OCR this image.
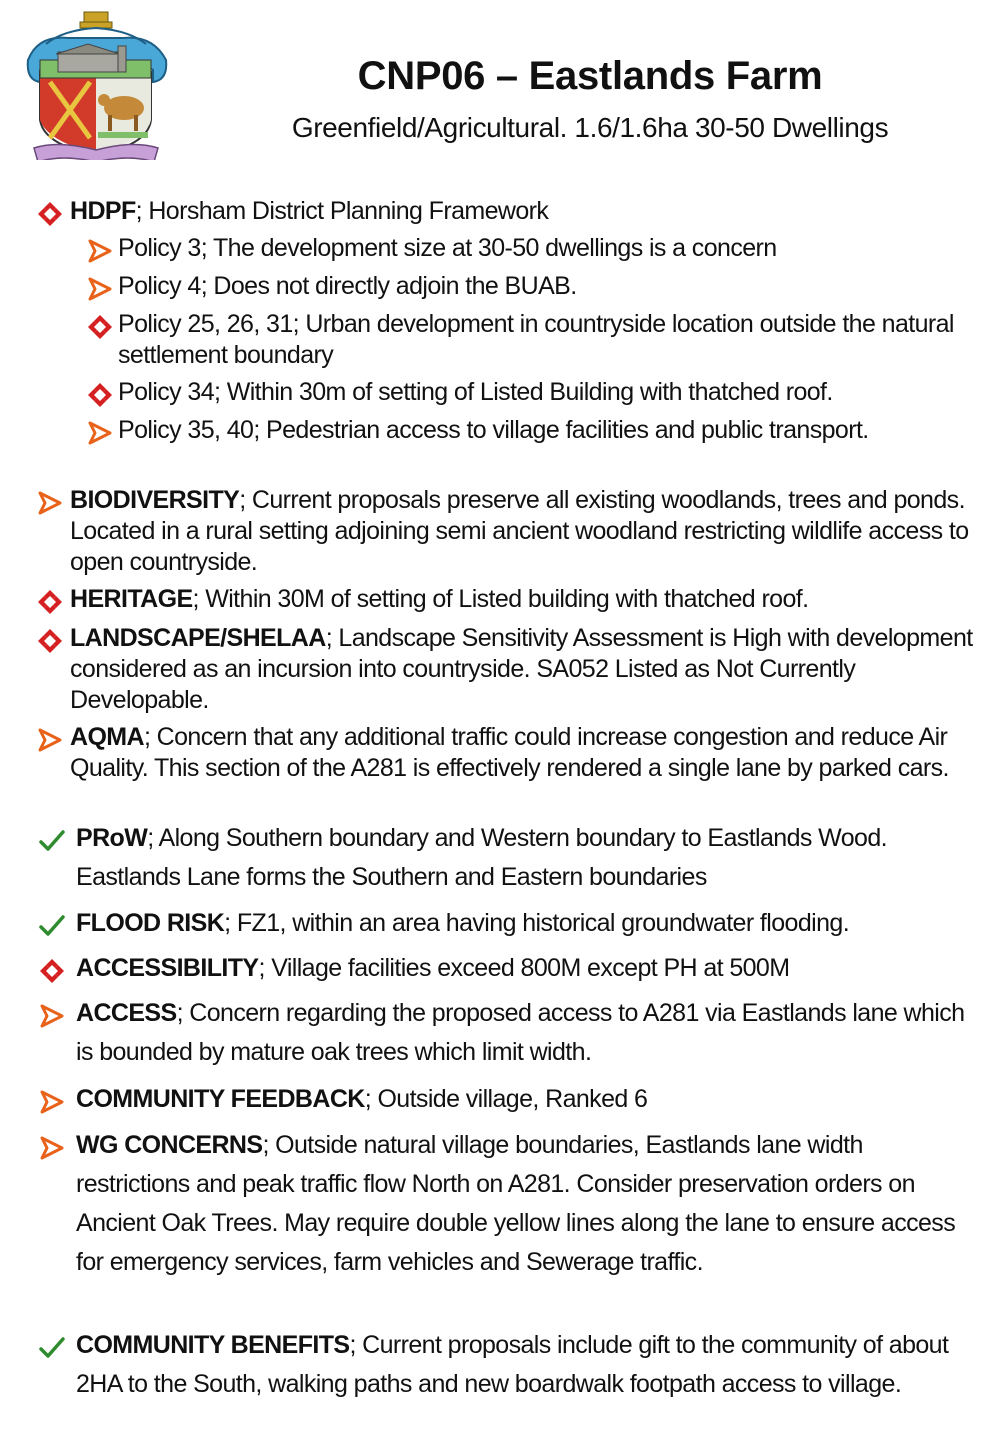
CNP06 – Eastlands Farm
Greenfield/Agricultural. 1.6/1.6ha 30-50 Dwellings
HDPF; Horsham District Planning Framework
Policy 3; The development size at 30-50 dwellings is a concern
Policy 4; Does not directly adjoin the BUAB.
Policy 25, 26, 31; Urban development in countryside location outside the natural settlement boundary
Policy 34; Within 30m of setting of Listed Building with thatched roof.
Policy 35, 40; Pedestrian access to village facilities and public transport.
BIODIVERSITY; Current proposals preserve all existing woodlands, trees and ponds. Located in a rural setting adjoining semi ancient woodland restricting wildlife access to open countryside.
HERITAGE; Within 30M of setting of Listed building with thatched roof.
LANDSCAPE/SHELAA; Landscape Sensitivity Assessment is High with development considered as an incursion into countryside. SA052 Listed as Not Currently Developable.
AQMA; Concern that any additional traffic could increase congestion and reduce Air Quality. This section of the A281 is effectively rendered a single lane by parked cars.
PRoW; Along Southern boundary and Western boundary to Eastlands Wood. Eastlands Lane forms the Southern and Eastern boundaries
FLOOD RISK; FZ1, within an area having historical groundwater flooding.
ACCESSIBILITY; Village facilities exceed 800M except PH at 500M
ACCESS; Concern regarding the proposed access to A281 via Eastlands lane which is bounded by mature oak trees which limit width.
COMMUNITY FEEDBACK; Outside village, Ranked 6
WG CONCERNS; Outside natural village boundaries, Eastlands lane width restrictions and peak traffic flow North on A281. Consider preservation orders on Ancient Oak Trees. May require double yellow lines along the lane to ensure access for emergency services, farm vehicles and Sewerage traffic.
COMMUNITY BENEFITS; Current proposals include gift to the community of about 2HA to the South, walking paths and new boardwalk footpath access to village.
